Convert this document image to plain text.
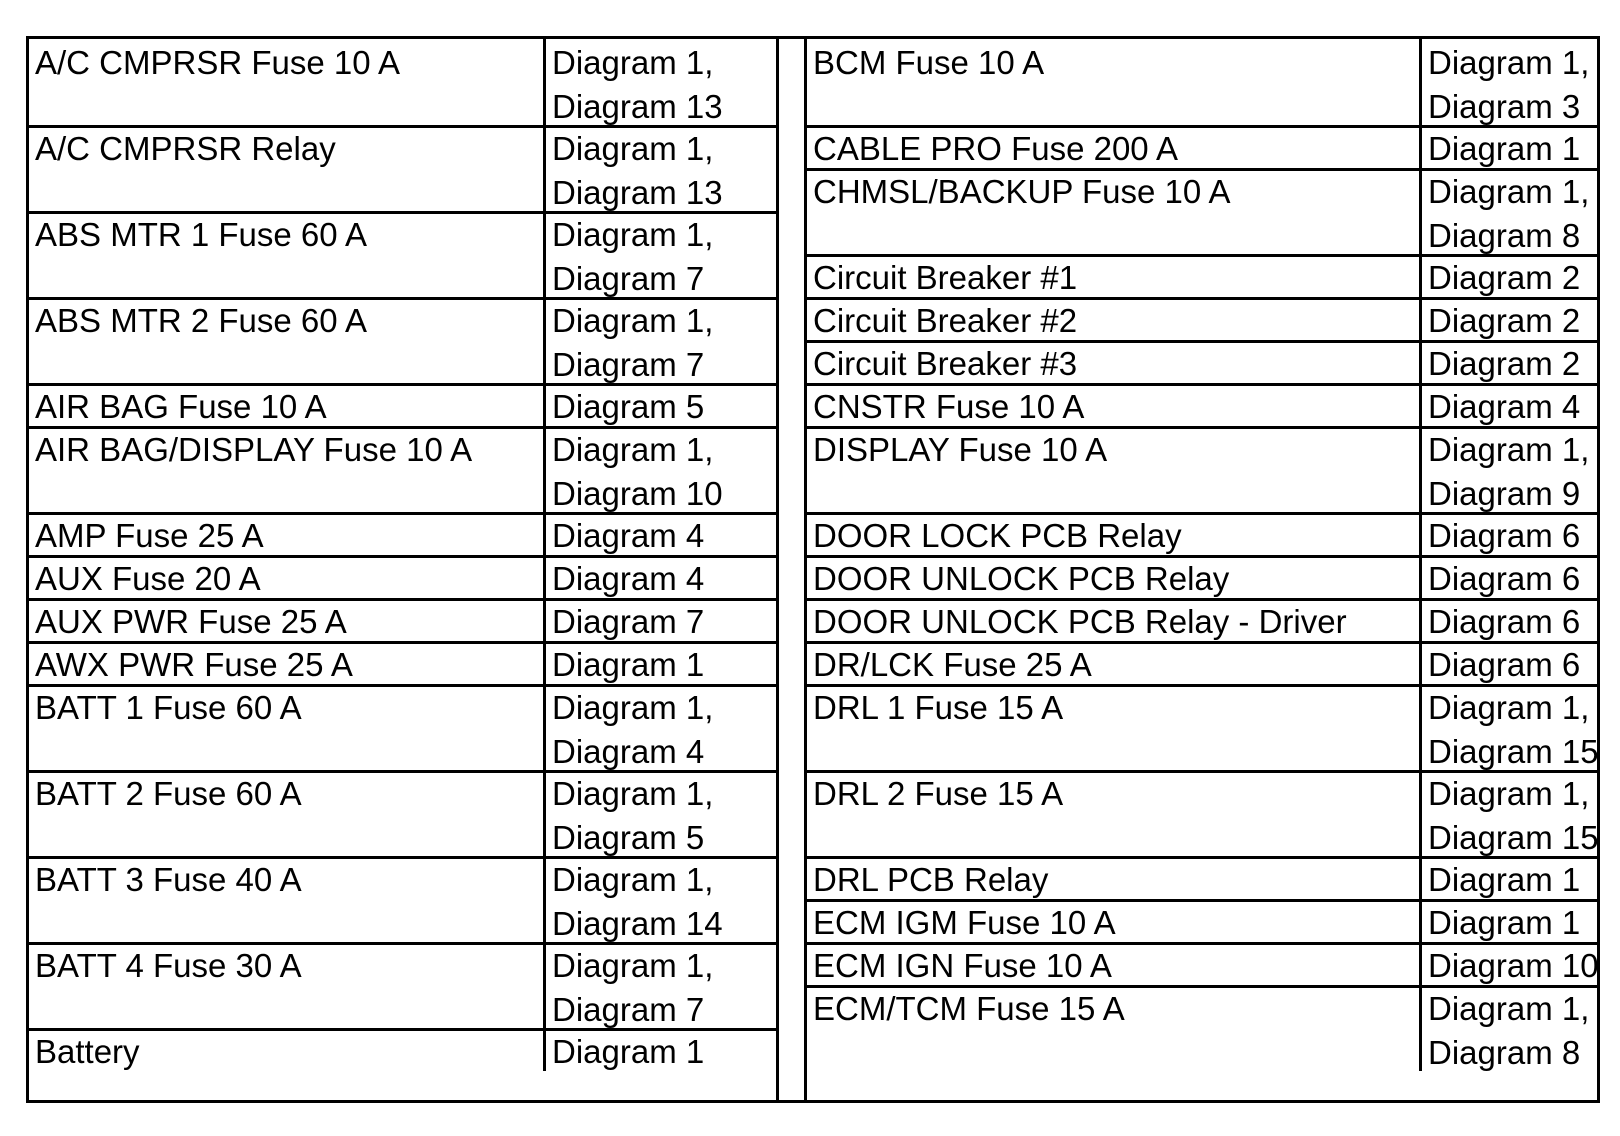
A/C CMPRSR Fuse 10 A	Diagram 1,
Diagram 13
A/C CMPRSR Relay	Diagram 1,
Diagram 13
ABS MTR 1 Fuse 60 A	Diagram 1,
Diagram 7
ABS MTR 2 Fuse 60 A	Diagram 1,
Diagram 7
AIR BAG Fuse 10 A	Diagram 5
AIR BAG/DISPLAY Fuse 10 A	Diagram 1,
Diagram 10
AMP Fuse 25 A	Diagram 4
AUX Fuse 20 A	Diagram 4
AUX PWR Fuse 25 A	Diagram 7
AWX PWR Fuse 25 A	Diagram 1
BATT 1 Fuse 60 A	Diagram 1,
Diagram 4
BATT 2 Fuse 60 A	Diagram 1,
Diagram 5
BATT 3 Fuse 40 A	Diagram 1,
Diagram 14
BATT 4 Fuse 30 A	Diagram 1,
Diagram 7
Battery	Diagram 1
BCM Fuse 10 A	Diagram 1,
Diagram 3
CABLE PRO Fuse 200 A	Diagram 1
CHMSL/BACKUP Fuse 10 A	Diagram 1,
Diagram 8
Circuit Breaker #1	Diagram 2
Circuit Breaker #2	Diagram 2
Circuit Breaker #3	Diagram 2
CNSTR Fuse 10 A	Diagram 4
DISPLAY Fuse 10 A	Diagram 1,
Diagram 9
DOOR LOCK PCB Relay	Diagram 6
DOOR UNLOCK PCB Relay	Diagram 6
DOOR UNLOCK PCB Relay - Driver	Diagram 6
DR/LCK Fuse 25 A	Diagram 6
DRL 1 Fuse 15 A	Diagram 1,
Diagram 15
DRL 2 Fuse 15 A	Diagram 1,
Diagram 15
DRL PCB Relay	Diagram 1
ECM IGM Fuse 10 A	Diagram 1
ECM IGN Fuse 10 A	Diagram 10
ECM/TCM Fuse 15 A	Diagram 1,
Diagram 8
